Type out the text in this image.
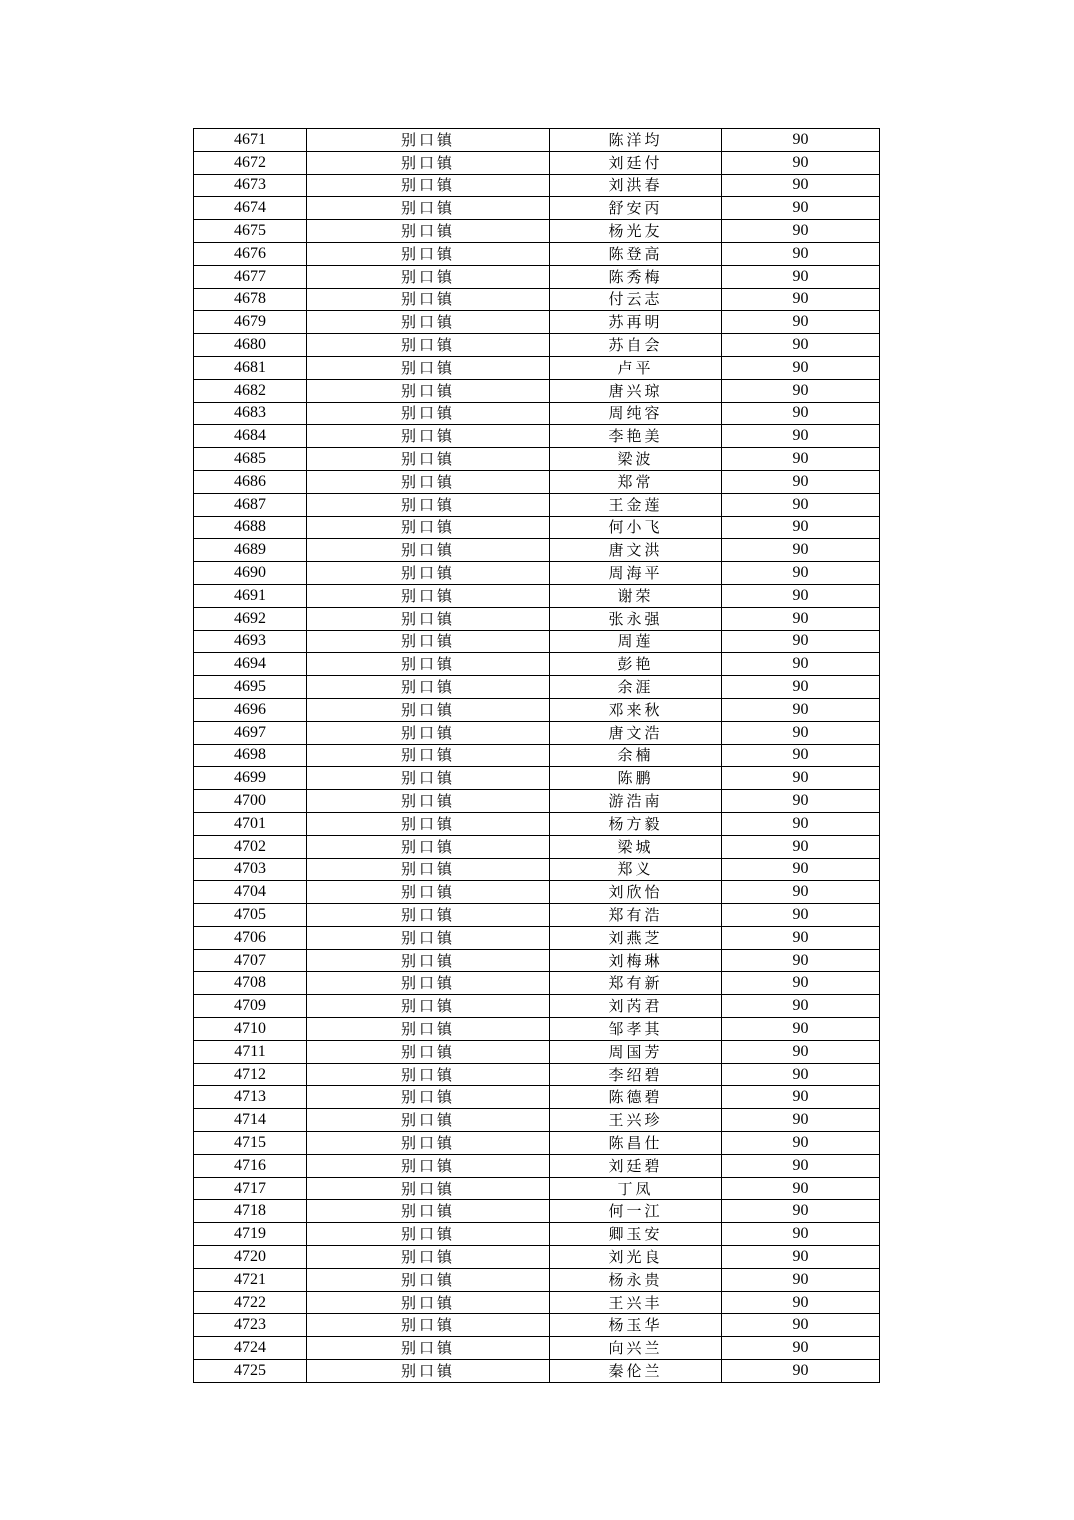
4671	别口镇	陈洋均	90
4672	别口镇	刘廷付	90
4673	别口镇	刘洪春	90
4674	别口镇	舒安丙	90
4675	别口镇	杨光友	90
4676	别口镇	陈登高	90
4677	别口镇	陈秀梅	90
4678	别口镇	付云志	90
4679	别口镇	苏再明	90
4680	别口镇	苏自会	90
4681	别口镇	卢平	90
4682	别口镇	唐兴琼	90
4683	别口镇	周纯容	90
4684	别口镇	李艳美	90
4685	别口镇	梁波	90
4686	别口镇	郑常	90
4687	别口镇	王金莲	90
4688	别口镇	何小飞	90
4689	别口镇	唐文洪	90
4690	别口镇	周海平	90
4691	别口镇	谢荣	90
4692	别口镇	张永强	90
4693	别口镇	周莲	90
4694	别口镇	彭艳	90
4695	别口镇	余涯	90
4696	别口镇	邓来秋	90
4697	别口镇	唐文浩	90
4698	别口镇	余楠	90
4699	别口镇	陈鹏	90
4700	别口镇	游浩南	90
4701	别口镇	杨方毅	90
4702	别口镇	梁城	90
4703	别口镇	郑义	90
4704	别口镇	刘欣怡	90
4705	别口镇	郑有浩	90
4706	别口镇	刘燕芝	90
4707	别口镇	刘梅琳	90
4708	别口镇	郑有新	90
4709	别口镇	刘芮君	90
4710	别口镇	邹孝其	90
4711	别口镇	周国芳	90
4712	别口镇	李绍碧	90
4713	别口镇	陈德碧	90
4714	别口镇	王兴珍	90
4715	别口镇	陈昌仕	90
4716	别口镇	刘廷碧	90
4717	别口镇	丁凤	90
4718	别口镇	何一江	90
4719	别口镇	卿玉安	90
4720	别口镇	刘光良	90
4721	别口镇	杨永贵	90
4722	别口镇	王兴丰	90
4723	别口镇	杨玉华	90
4724	别口镇	向兴兰	90
4725	别口镇	秦伦兰	90
